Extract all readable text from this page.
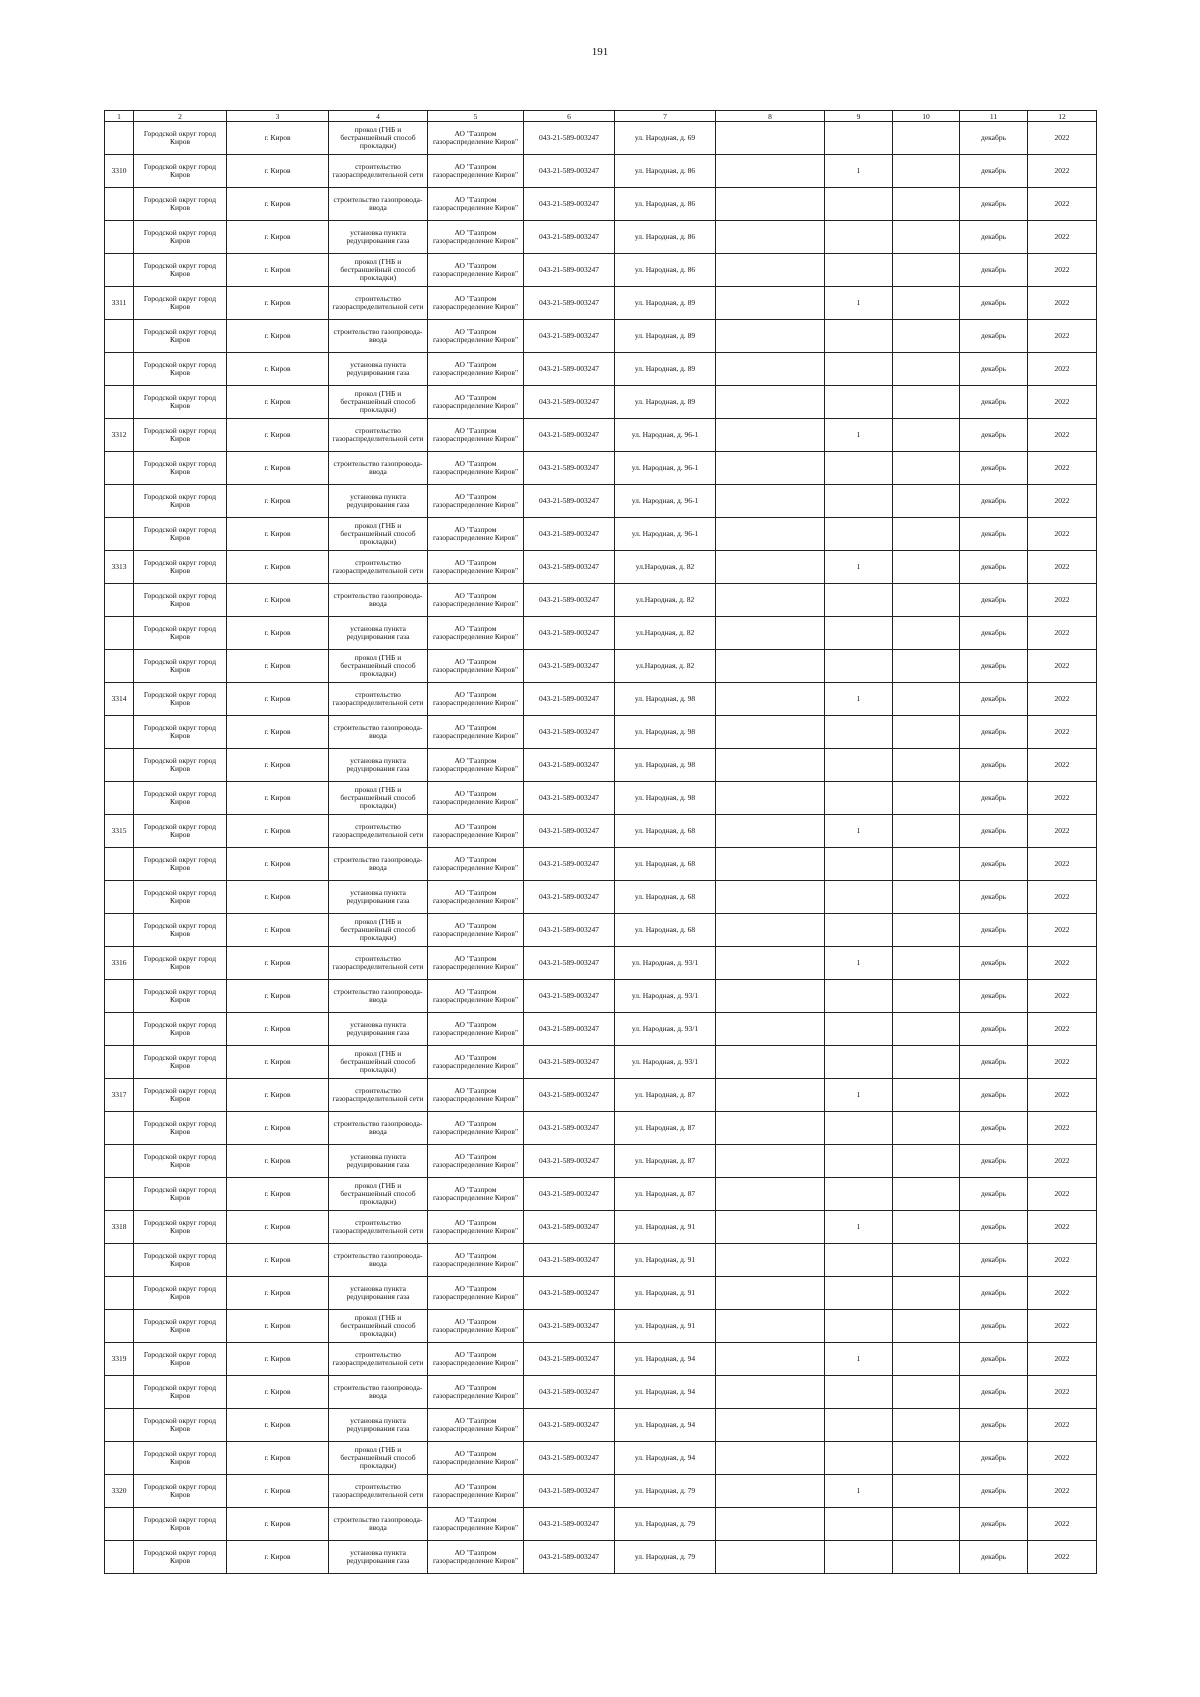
191
1	2	3	4	5	6	7	8	9	10	11	12

	Городской округ город Киров	г. Киров	прокол (ГНБ и бестраншейный способ прокладки)	АО "Газпром газораспределение Киров"	043-21-589-003247	ул. Народная, д. 69				декабрь	2022

3310	Городской округ город Киров	г. Киров	строительство газораспределительной сети	АО "Газпром газораспределение Киров"	043-21-589-003247	ул. Народная, д. 86		1		декабрь	2022

	Городской округ город Киров	г. Киров	строительство газопровода-ввода	АО "Газпром газораспределение Киров"	043-21-589-003247	ул. Народная, д. 86				декабрь	2022

	Городской округ город Киров	г. Киров	установка пункта редуцирования газа	АО "Газпром газораспределение Киров"	043-21-589-003247	ул. Народная, д. 86				декабрь	2022

	Городской округ город Киров	г. Киров	прокол (ГНБ и бестраншейный способ прокладки)	АО "Газпром газораспределение Киров"	043-21-589-003247	ул. Народная, д. 86				декабрь	2022

3311	Городской округ город Киров	г. Киров	строительство газораспределительной сети	АО "Газпром газораспределение Киров"	043-21-589-003247	ул. Народная, д. 89		1		декабрь	2022

	Городской округ город Киров	г. Киров	строительство газопровода-ввода	АО "Газпром газораспределение Киров"	043-21-589-003247	ул. Народная, д. 89				декабрь	2022

	Городской округ город Киров	г. Киров	установка пункта редуцирования газа	АО "Газпром газораспределение Киров"	043-21-589-003247	ул. Народная, д. 89				декабрь	2022

	Городской округ город Киров	г. Киров	прокол (ГНБ и бестраншейный способ прокладки)	АО "Газпром газораспределение Киров"	043-21-589-003247	ул. Народная, д. 89				декабрь	2022

3312	Городской округ город Киров	г. Киров	строительство газораспределительной сети	АО "Газпром газораспределение Киров"	043-21-589-003247	ул. Народная, д. 96-1		1		декабрь	2022

	Городской округ город Киров	г. Киров	строительство газопровода-ввода	АО "Газпром газораспределение Киров"	043-21-589-003247	ул. Народная, д. 96-1				декабрь	2022

	Городской округ город Киров	г. Киров	установка пункта редуцирования газа	АО "Газпром газораспределение Киров"	043-21-589-003247	ул. Народная, д. 96-1				декабрь	2022

	Городской округ город Киров	г. Киров	прокол (ГНБ и бестраншейный способ прокладки)	АО "Газпром газораспределение Киров"	043-21-589-003247	ул. Народная, д. 96-1				декабрь	2022

3313	Городской округ город Киров	г. Киров	строительство газораспределительной сети	АО "Газпром газораспределение Киров"	043-21-589-003247	ул.Народная, д. 82		1		декабрь	2022

	Городской округ город Киров	г. Киров	строительство газопровода-ввода	АО "Газпром газораспределение Киров"	043-21-589-003247	ул.Народная, д. 82				декабрь	2022

	Городской округ город Киров	г. Киров	установка пункта редуцирования газа	АО "Газпром газораспределение Киров"	043-21-589-003247	ул.Народная, д. 82				декабрь	2022

	Городской округ город Киров	г. Киров	прокол (ГНБ и бестраншейный способ прокладки)	АО "Газпром газораспределение Киров"	043-21-589-003247	ул.Народная, д. 82				декабрь	2022

3314	Городской округ город Киров	г. Киров	строительство газораспределительной сети	АО "Газпром газораспределение Киров"	043-21-589-003247	ул. Народная, д. 98		1		декабрь	2022

	Городской округ город Киров	г. Киров	строительство газопровода-ввода	АО "Газпром газораспределение Киров"	043-21-589-003247	ул. Народная, д. 98				декабрь	2022

	Городской округ город Киров	г. Киров	установка пункта редуцирования газа	АО "Газпром газораспределение Киров"	043-21-589-003247	ул. Народная, д. 98				декабрь	2022

	Городской округ город Киров	г. Киров	прокол (ГНБ и бестраншейный способ прокладки)	АО "Газпром газораспределение Киров"	043-21-589-003247	ул. Народная, д. 98				декабрь	2022

3315	Городской округ город Киров	г. Киров	строительство газораспределительной сети	АО "Газпром газораспределение Киров"	043-21-589-003247	ул. Народная, д. 68		1		декабрь	2022

	Городской округ город Киров	г. Киров	строительство газопровода-ввода	АО "Газпром газораспределение Киров"	043-21-589-003247	ул. Народная, д. 68				декабрь	2022

	Городской округ город Киров	г. Киров	установка пункта редуцирования газа	АО "Газпром газораспределение Киров"	043-21-589-003247	ул. Народная, д. 68				декабрь	2022

	Городской округ город Киров	г. Киров	прокол (ГНБ и бестраншейный способ прокладки)	АО "Газпром газораспределение Киров"	043-21-589-003247	ул. Народная, д. 68				декабрь	2022

3316	Городской округ город Киров	г. Киров	строительство газораспределительной сети	АО "Газпром газораспределение Киров"	043-21-589-003247	ул. Народная, д. 93/1		1		декабрь	2022

	Городской округ город Киров	г. Киров	строительство газопровода-ввода	АО "Газпром газораспределение Киров"	043-21-589-003247	ул. Народная, д. 93/1				декабрь	2022

	Городской округ город Киров	г. Киров	установка пункта редуцирования газа	АО "Газпром газораспределение Киров"	043-21-589-003247	ул. Народная, д. 93/1				декабрь	2022

	Городской округ город Киров	г. Киров	прокол (ГНБ и бестраншейный способ прокладки)	АО "Газпром газораспределение Киров"	043-21-589-003247	ул. Народная, д. 93/1				декабрь	2022

3317	Городской округ город Киров	г. Киров	строительство газораспределительной сети	АО "Газпром газораспределение Киров"	043-21-589-003247	ул. Народная, д. 87		1		декабрь	2022

	Городской округ город Киров	г. Киров	строительство газопровода-ввода	АО "Газпром газораспределение Киров"	043-21-589-003247	ул. Народная, д. 87				декабрь	2022

	Городской округ город Киров	г. Киров	установка пункта редуцирования газа	АО "Газпром газораспределение Киров"	043-21-589-003247	ул. Народная, д. 87				декабрь	2022

	Городской округ город Киров	г. Киров	прокол (ГНБ и бестраншейный способ прокладки)	АО "Газпром газораспределение Киров"	043-21-589-003247	ул. Народная, д. 87				декабрь	2022

3318	Городской округ город Киров	г. Киров	строительство газораспределительной сети	АО "Газпром газораспределение Киров"	043-21-589-003247	ул. Народная, д. 91		1		декабрь	2022

	Городской округ город Киров	г. Киров	строительство газопровода-ввода	АО "Газпром газораспределение Киров"	043-21-589-003247	ул. Народная, д. 91				декабрь	2022

	Городской округ город Киров	г. Киров	установка пункта редуцирования газа	АО "Газпром газораспределение Киров"	043-21-589-003247	ул. Народная, д. 91				декабрь	2022

	Городской округ город Киров	г. Киров	прокол (ГНБ и бестраншейный способ прокладки)	АО "Газпром газораспределение Киров"	043-21-589-003247	ул. Народная, д. 91				декабрь	2022

3319	Городской округ город Киров	г. Киров	строительство газораспределительной сети	АО "Газпром газораспределение Киров"	043-21-589-003247	ул. Народная, д. 94		1		декабрь	2022

	Городской округ город Киров	г. Киров	строительство газопровода-ввода	АО "Газпром газораспределение Киров"	043-21-589-003247	ул. Народная, д. 94				декабрь	2022

	Городской округ город Киров	г. Киров	установка пункта редуцирования газа	АО "Газпром газораспределение Киров"	043-21-589-003247	ул. Народная, д. 94				декабрь	2022

	Городской округ город Киров	г. Киров	прокол (ГНБ и бестраншейный способ прокладки)	АО "Газпром газораспределение Киров"	043-21-589-003247	ул. Народная, д. 94				декабрь	2022

3320	Городской округ город Киров	г. Киров	строительство газораспределительной сети	АО "Газпром газораспределение Киров"	043-21-589-003247	ул. Народная, д. 79		1		декабрь	2022

	Городской округ город Киров	г. Киров	строительство газопровода-ввода	АО "Газпром газораспределение Киров"	043-21-589-003247	ул. Народная, д. 79				декабрь	2022

	Городской округ город Киров	г. Киров	установка пункта редуцирования газа	АО "Газпром газораспределение Киров"	043-21-589-003247	ул. Народная, д. 79				декабрь	2022
